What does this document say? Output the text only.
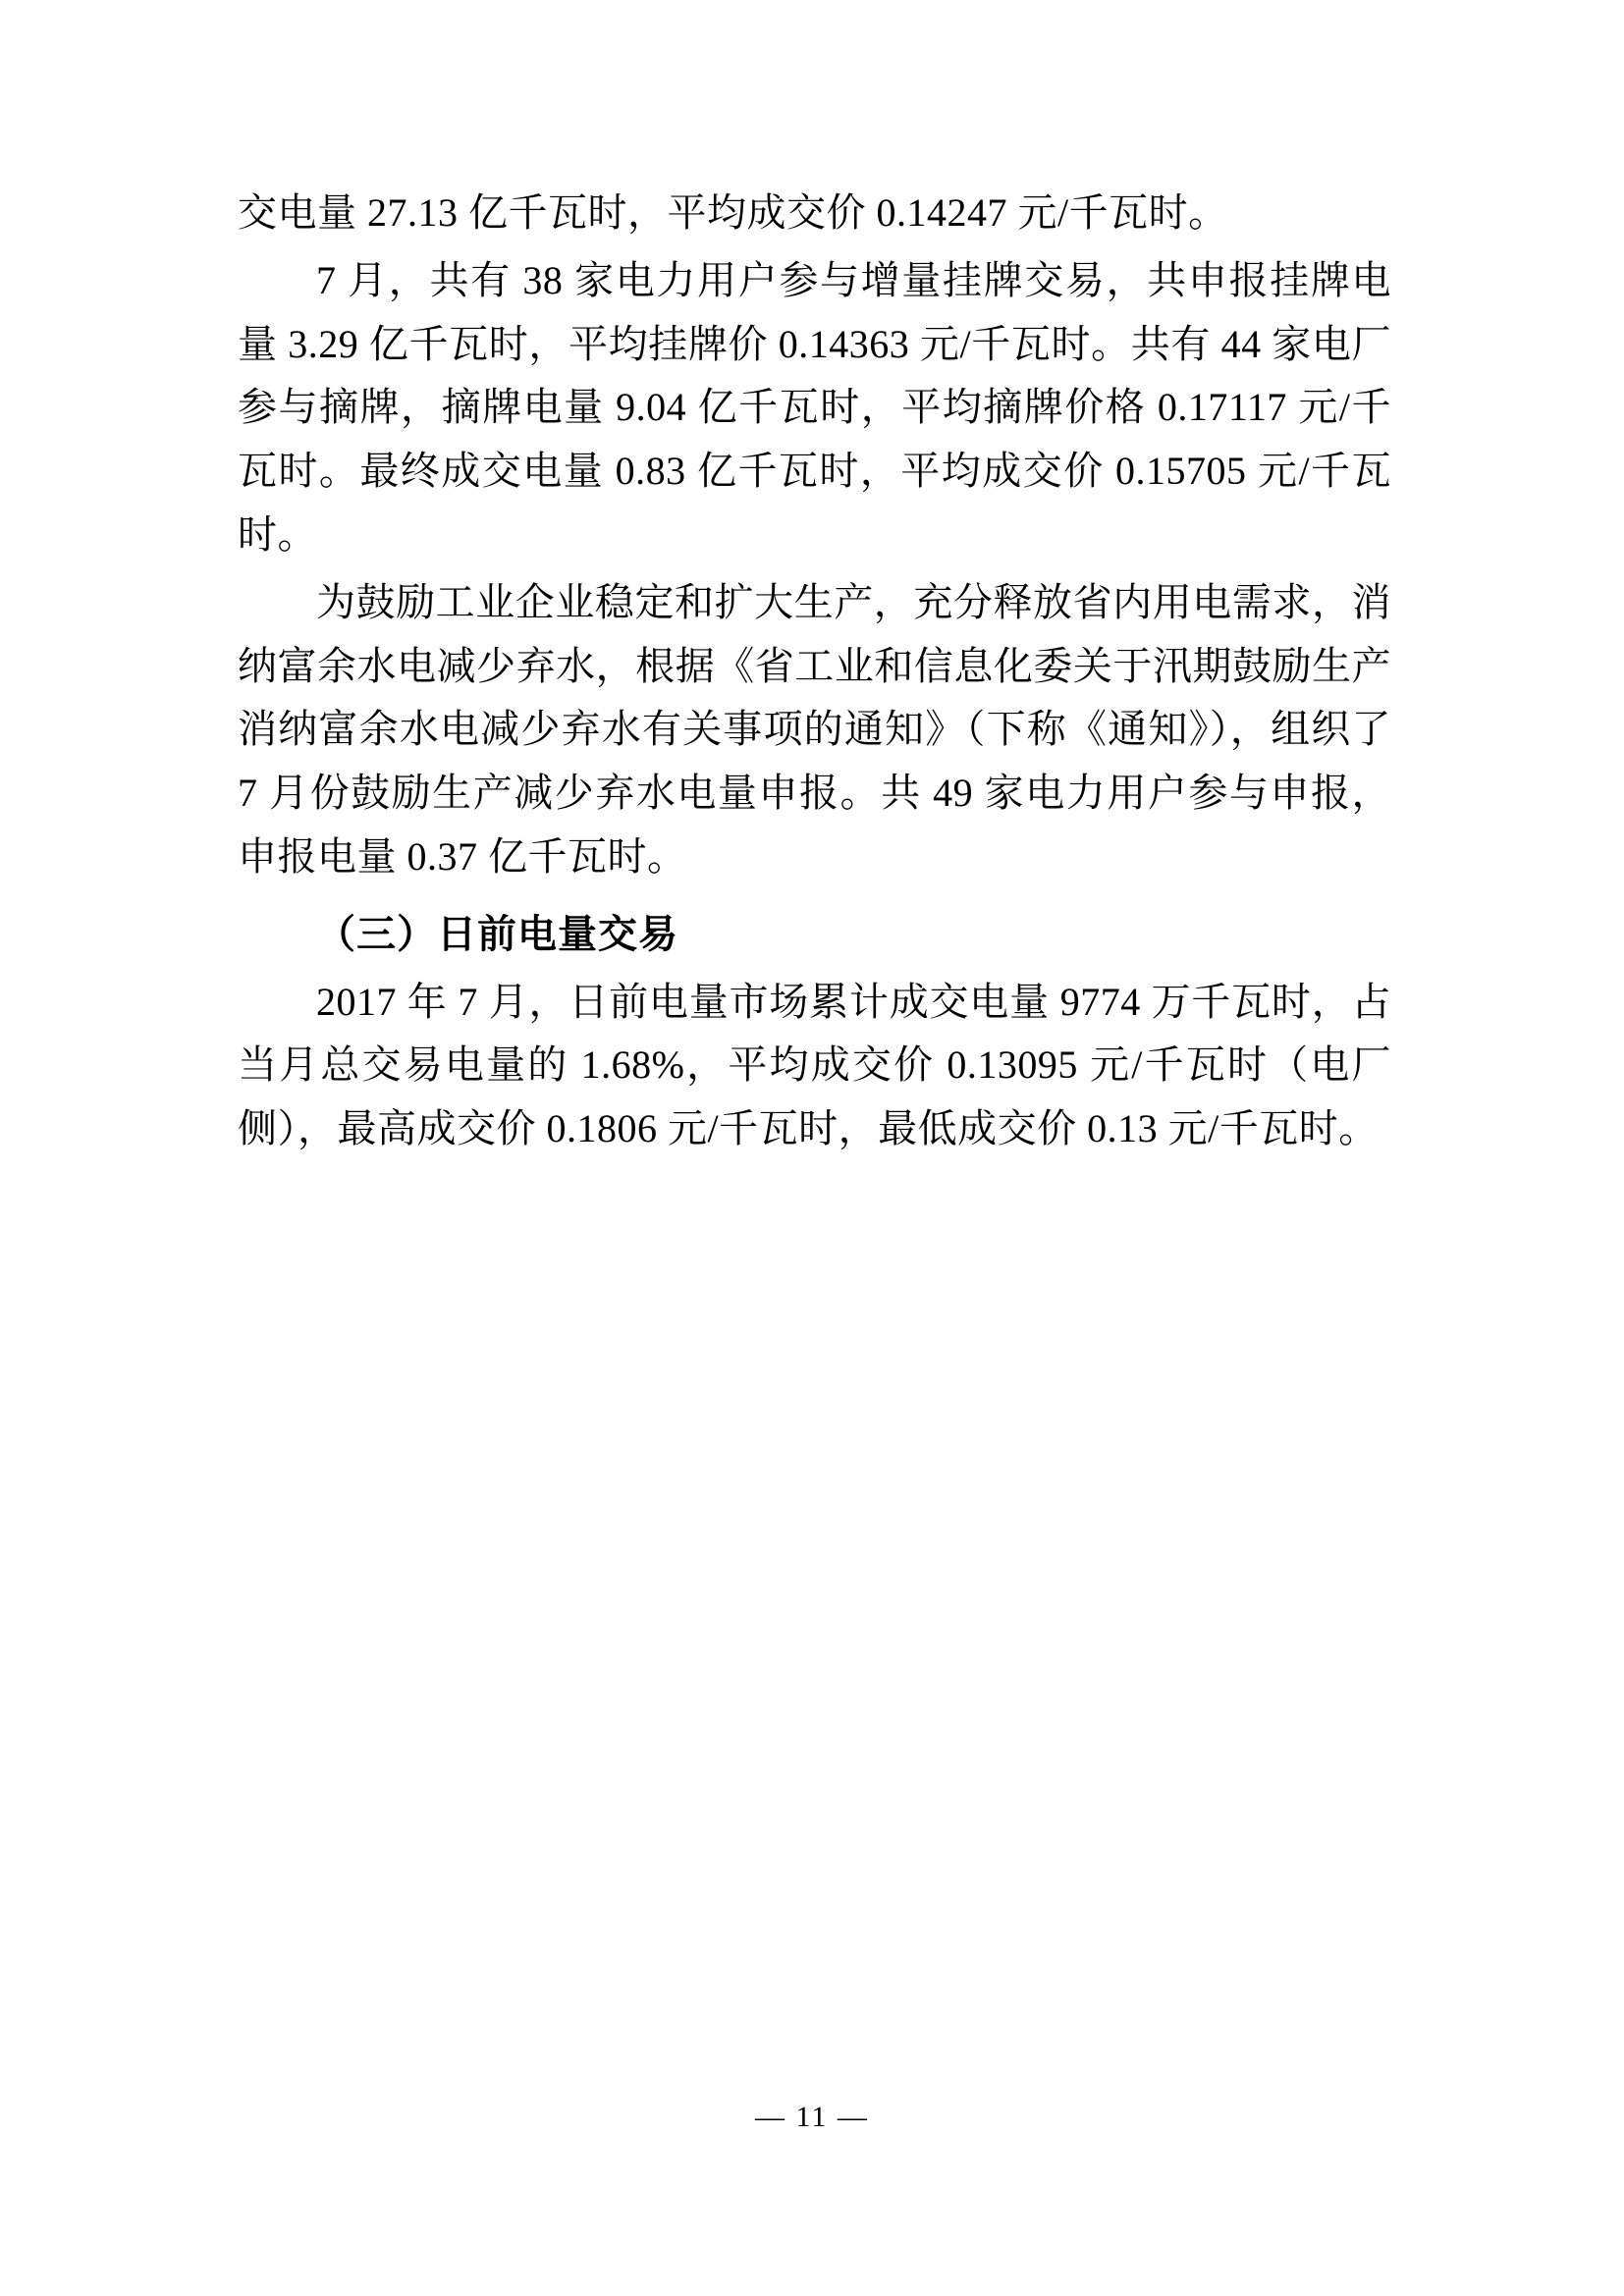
交电量 27.13 亿千瓦时，平均成交价 0.14247 元/千瓦时。

7 月，共有 38 家电力用户参与增量挂牌交易，共申报挂牌电量 3.29 亿千瓦时，平均挂牌价 0.14363 元/千瓦时。共有 44 家电厂参与摘牌，摘牌电量 9.04 亿千瓦时，平均摘牌价格 0.17117 元/千瓦时。最终成交电量 0.83 亿千瓦时，平均成交价 0.15705 元/千瓦时。

为鼓励工业企业稳定和扩大生产，充分释放省内用电需求，消纳富余水电减少弃水，根据《省工业和信息化委关于汛期鼓励生产消纳富余水电减少弃水有关事项的通知》（下称《通知》），组织了 7 月份鼓励生产减少弃水电量申报。共 49 家电力用户参与申报，申报电量 0.37 亿千瓦时。

（三）日前电量交易

2017 年 7 月，日前电量市场累计成交电量 9774 万千瓦时，占当月总交易电量的 1.68%，平均成交价 0.13095 元/千瓦时（电厂侧），最高成交价 0.1806 元/千瓦时，最低成交价 0.13 元/千瓦时。

— 11 —
